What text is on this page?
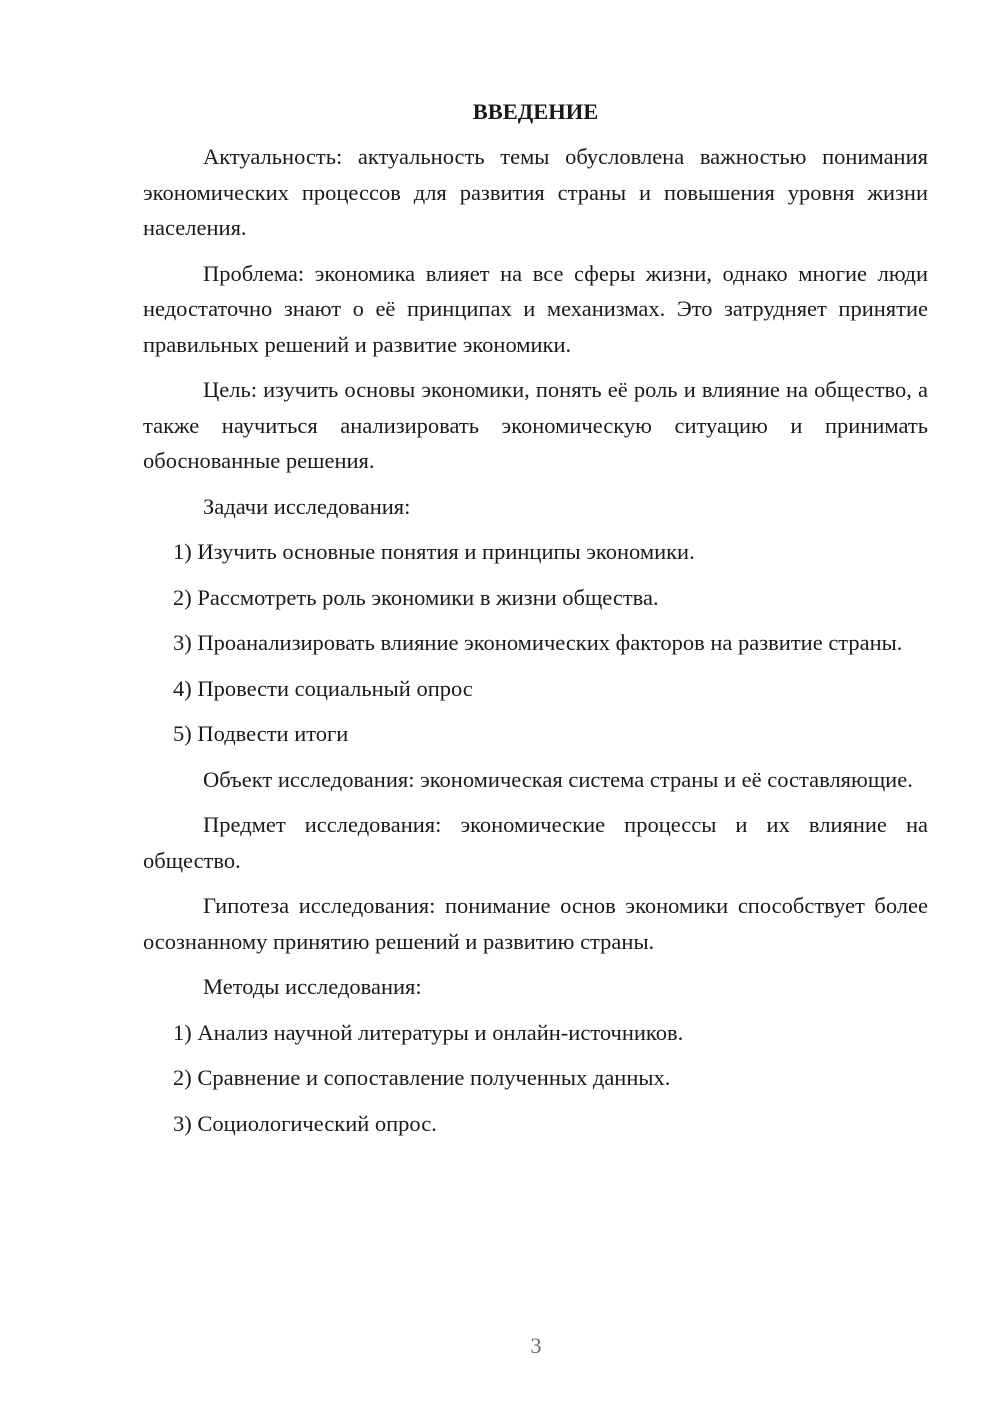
ВВЕДЕНИЕ

Актуальность: актуальность темы обусловлена важностью понимания экономических процессов для развития страны и повышения уровня жизни населения.

Проблема: экономика влияет на все сферы жизни, однако многие люди недостаточно знают о её принципах и механизмах. Это затрудняет принятие правильных решений и развитие экономики.

Цель: изучить основы экономики, понять её роль и влияние на общество, а также научиться анализировать экономическую ситуацию и принимать обоснованные решения.

Задачи исследования:

1) Изучить основные понятия и принципы экономики.

2) Рассмотреть роль экономики в жизни общества.

3) Проанализировать влияние экономических факторов на развитие страны.

4) Провести социальный опрос

5) Подвести итоги

Объект исследования: экономическая система страны и её составляющие.

Предмет исследования: экономические процессы и их влияние на общество.

Гипотеза исследования: понимание основ экономики способствует более осознанному принятию решений и развитию страны.

Методы исследования:

1) Анализ научной литературы и онлайн-источников.

2) Сравнение и сопоставление полученных данных.

3) Социологический опрос.

3
